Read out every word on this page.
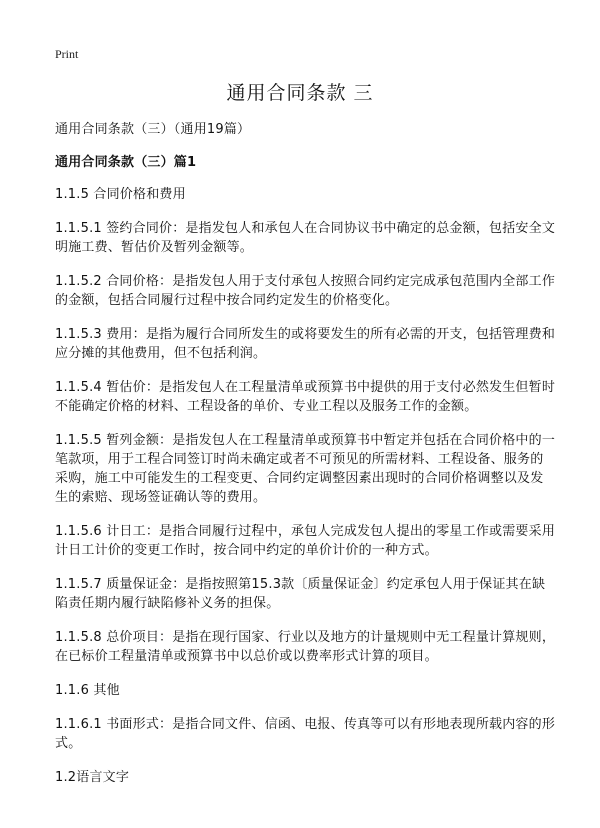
Print
通用合同条款 三
通用合同条款（三）（通用19篇）
通用合同条款（三）篇1
1.1.5 合同价格和费用
1.1.5.1 签约合同价：是指发包人和承包人在合同协议书中确定的总金额，包括安全文明施工费、暂估价及暂列金额等。
1.1.5.2 合同价格：是指发包人用于支付承包人按照合同约定完成承包范围内全部工作的金额，包括合同履行过程中按合同约定发生的价格变化。
1.1.5.3 费用：是指为履行合同所发生的或将要发生的所有必需的开支，包括管理费和应分摊的其他费用，但不包括利润。
1.1.5.4 暂估价：是指发包人在工程量清单或预算书中提供的用于支付必然发生但暂时不能确定价格的材料、工程设备的单价、专业工程以及服务工作的金额。
1.1.5.5 暂列金额：是指发包人在工程量清单或预算书中暂定并包括在合同价格中的一笔款项，用于工程合同签订时尚未确定或者不可预见的所需材料、工程设备、服务的采购，施工中可能发生的工程变更、合同约定调整因素出现时的合同价格调整以及发生的索赔、现场签证确认等的费用。
1.1.5.6 计日工：是指合同履行过程中，承包人完成发包人提出的零星工作或需要采用计日工计价的变更工作时，按合同中约定的单价计价的一种方式。
1.1.5.7 质量保证金：是指按照第15.3款〔质量保证金〕约定承包人用于保证其在缺陷责任期内履行缺陷修补义务的担保。
1.1.5.8 总价项目：是指在现行国家、行业以及地方的计量规则中无工程量计算规则，在已标价工程量清单或预算书中以总价或以费率形式计算的项目。
1.1.6 其他
1.1.6.1 书面形式：是指合同文件、信函、电报、传真等可以有形地表现所载内容的形式。
1.2语言文字
